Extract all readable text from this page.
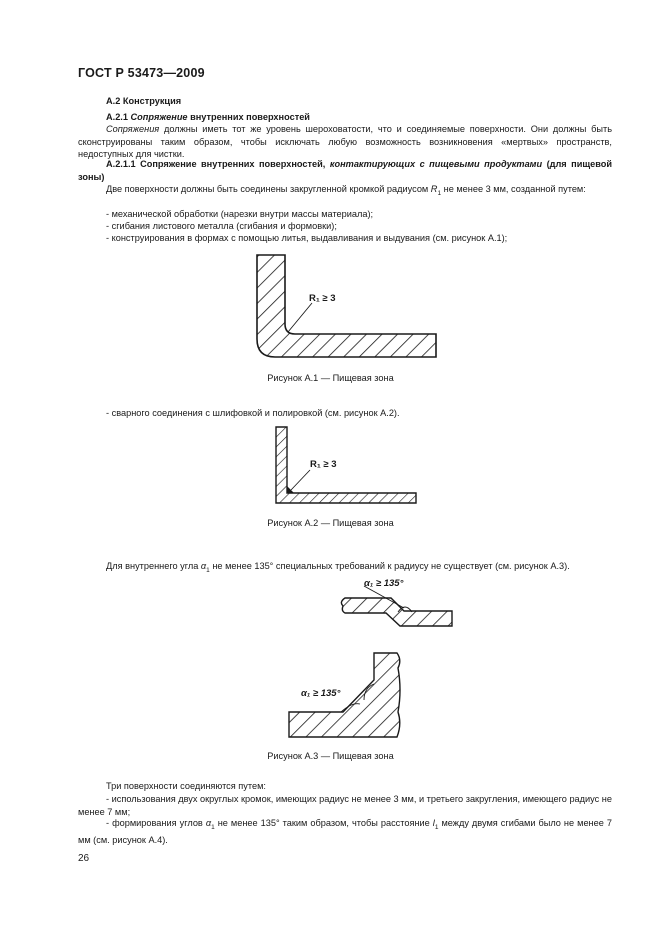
ГОСТ Р 53473—2009
А.2 Конструкция
А.2.1 Сопряжение внутренних поверхностей
Сопряжения должны иметь тот же уровень шероховатости, что и соединяемые поверхности. Они должны быть сконструированы таким образом, чтобы исключать любую возможность возникновения «мертвых» пространств, недоступных для чистки.
А.2.1.1 Сопряжение внутренних поверхностей, контактирующих с пищевыми продуктами (для пищевой зоны)
Две поверхности должны быть соединены закругленной кромкой радиусом $R_1$ не менее 3 мм, созданной путем:
- механической обработки (нарезки внутри массы материала);
- сгибания листового металла (сгибания и формовки);
- конструирования в формах с помощью литья, выдавливания и выдувания (см. рисунок А.1);
R₁ ≥ 3
Рисунок А.1 — Пищевая зона
- сварного соединения с шлифовкой и полировкой (см. рисунок А.2).
R₁ ≥ 3
Рисунок А.2 — Пищевая зона
Для внутреннего угла $\alpha_1$ не менее 135° специальных требований к радиусу не существует (см. рисунок А.3).
α₁ ≥ 135°
α₁ ≥ 135°
Рисунок А.3 — Пищевая зона
Три поверхности соединяются путем:
- использования двух округлых кромок, имеющих радиус не менее 3 мм, и третьего закругления, имеющего радиус не менее 7 мм;
- формирования углов $\alpha_1$ не менее 135° таким образом, чтобы расстояние $l_1$ между двумя сгибами было не менее 7 мм (см. рисунок А.4).
26
